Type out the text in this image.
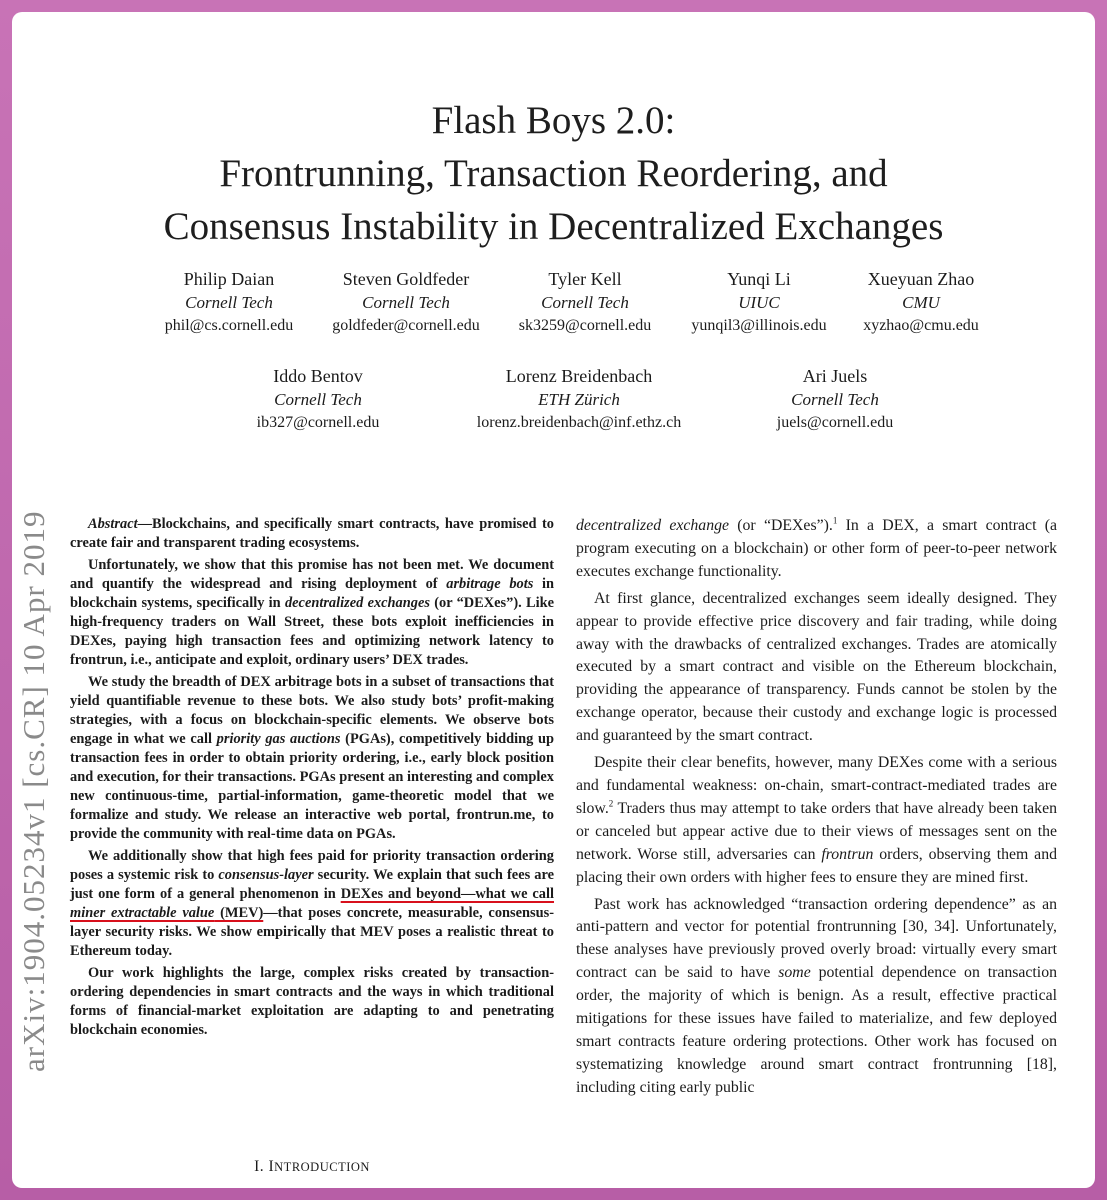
Flash Boys 2.0:
Frontrunning, Transaction Reordering, and
Consensus Instability in Decentralized Exchanges
Philip Daian
Cornell Tech
phil@cs.cornell.edu
Steven Goldfeder
Cornell Tech
goldfeder@cornell.edu
Tyler Kell
Cornell Tech
sk3259@cornell.edu
Yunqi Li
UIUC
yunqil3@illinois.edu
Xueyuan Zhao
CMU
xyzhao@cmu.edu
Iddo Bentov
Cornell Tech
ib327@cornell.edu
Lorenz Breidenbach
ETH Zürich
lorenz.breidenbach@inf.ethz.ch
Ari Juels
Cornell Tech
juels@cornell.edu
arXiv:1904.05234v1 [cs.CR] 10 Apr 2019	Abstract—Blockchains, and specifically smart contracts, have promised to create fair and transparent trading ecosystems.

Unfortunately, we show that this promise has not been met. We document and quantify the widespread and rising deployment of arbitrage bots in blockchain systems, specifically in decentralized exchanges (or “DEXes”). Like high-frequency traders on Wall Street, these bots exploit inefficiencies in DEXes, paying high transaction fees and optimizing network latency to frontrun, i.e., anticipate and exploit, ordinary users’ DEX trades.

We study the breadth of DEX arbitrage bots in a subset of transactions that yield quantifiable revenue to these bots. We also study bots’ profit-making strategies, with a focus on blockchain-specific elements. We observe bots engage in what we call priority gas auctions (PGAs), competitively bidding up transaction fees in order to obtain priority ordering, i.e., early block position and execution, for their transactions. PGAs present an interesting and complex new continuous-time, partial-information, game-theoretic model that we formalize and study. We release an interactive web portal, frontrun.me, to provide the community with real-time data on PGAs.

We additionally show that high fees paid for priority transaction ordering poses a systemic risk to consensus-layer security. We explain that such fees are just one form of a general phenomenon in DEXes and beyond—what we call miner extractable value (MEV)—that poses concrete, measurable, consensus-layer security risks. We show empirically that MEV poses a realistic threat to Ethereum today.

Our work highlights the large, complex risks created by transaction-ordering dependencies in smart contracts and the ways in which traditional forms of financial-market exploitation are adapting to and penetrating blockchain economies.

I. INTRODUCTION

decentralized exchange (or “DEXes”).$^1$ In a DEX, a smart contract (a program executing on a blockchain) or other form of peer-to-peer network executes exchange functionality.

At first glance, decentralized exchanges seem ideally designed. They appear to provide effective price discovery and fair trading, while doing away with the drawbacks of centralized exchanges. Trades are atomically executed by a smart contract and visible on the Ethereum blockchain, providing the appearance of transparency. Funds cannot be stolen by the exchange operator, because their custody and exchange logic is processed and guaranteed by the smart contract.

Despite their clear benefits, however, many DEXes come with a serious and fundamental weakness: on-chain, smart-contract-mediated trades are slow.$^2$ Traders thus may attempt to take orders that have already been taken or canceled but appear active due to their views of messages sent on the network. Worse still, adversaries can frontrun orders, observing them and placing their own orders with higher fees to ensure they are mined first.

Past work has acknowledged “transaction ordering dependence” as an anti-pattern and vector for potential frontrunning [30, 34]. Unfortunately, these analyses have previously proved overly broad: virtually every smart contract can be said to have some potential dependence on transaction order, the majority of which is benign. As a result, effective practical mitigations for these issues have failed to materialize, and few deployed smart contracts feature ordering protections. Other work has focused on systematizing knowledge around smart contract frontrunning [18], including citing early public
